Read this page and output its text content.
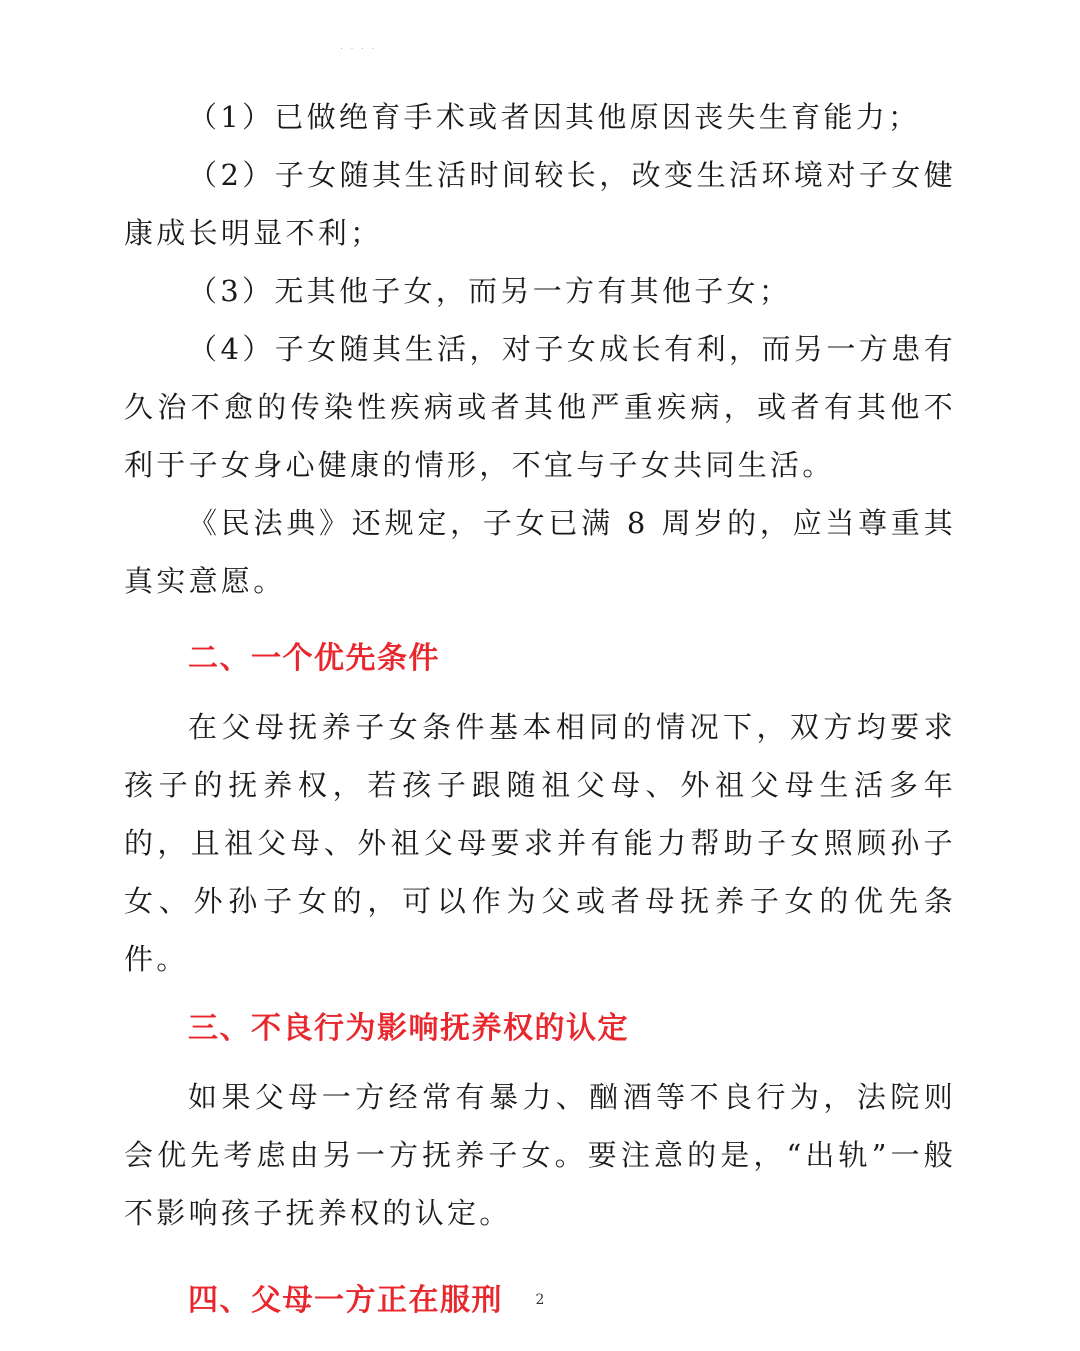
· · · ·

（1）已做绝育手术或者因其他原因丧失生育能力；

（2）子女随其生活时间较长，改变生活环境对子女健康成长明显不利；

（3）无其他子女，而另一方有其他子女；

（4）子女随其生活，对子女成长有利，而另一方患有久治不愈的传染性疾病或者其他严重疾病，或者有其他不利于子女身心健康的情形，不宜与子女共同生活。

《民法典》还规定，子女已满 8 周岁的，应当尊重其真实意愿。

二、一个优先条件

在父母抚养子女条件基本相同的情况下，双方均要求孩子的抚养权，若孩子跟随祖父母、外祖父母生活多年的，且祖父母、外祖父母要求并有能力帮助子女照顾孙子女、外孙子女的，可以作为父或者母抚养子女的优先条件。

三、不良行为影响抚养权的认定

如果父母一方经常有暴力、酗酒等不良行为，法院则会优先考虑由另一方抚养子女。要注意的是，“出轨”一般不影响孩子抚养权的认定。

四、父母一方正在服刑	2
